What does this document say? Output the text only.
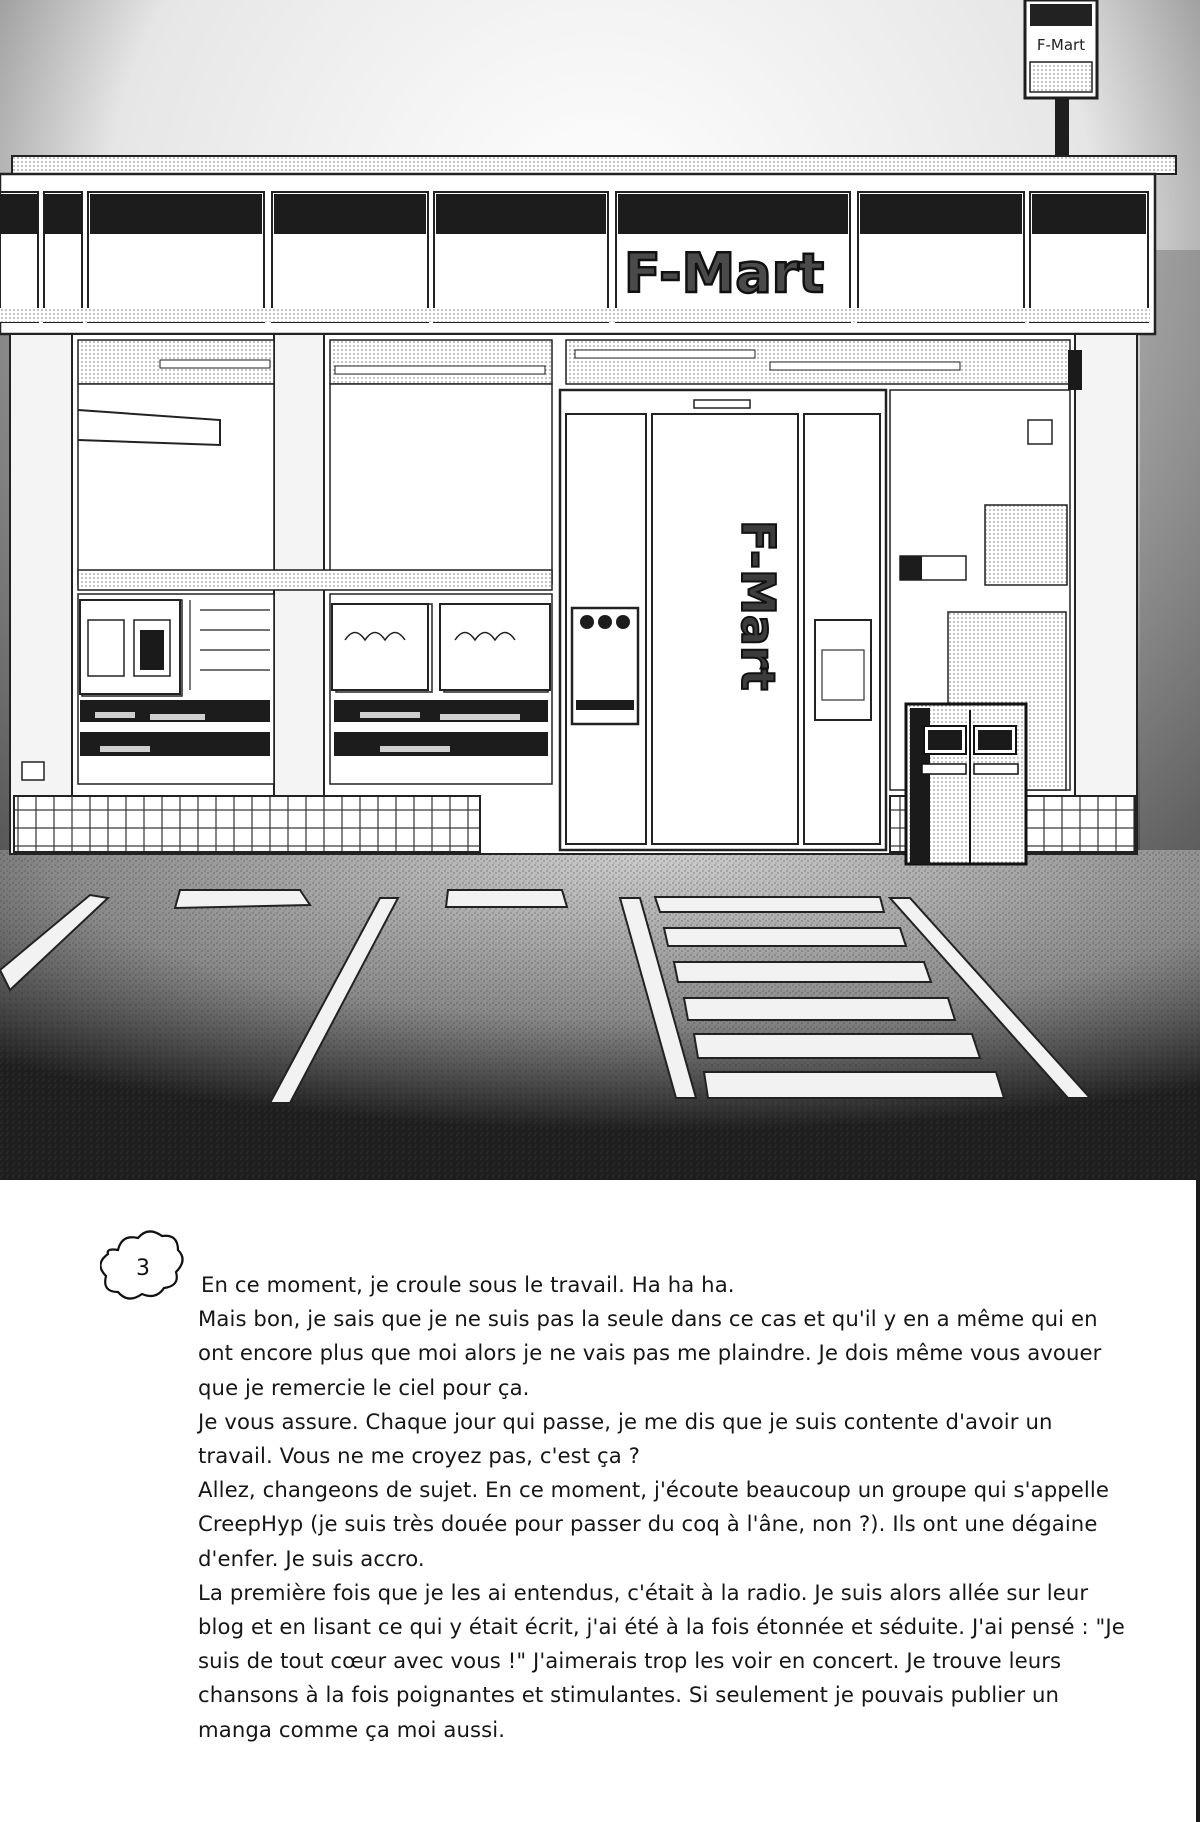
F-Mart
F-Mart
F-Mart
3

En ce moment, je croule sous le travail. Ha ha ha.

Mais bon, je sais que je ne suis pas la seule dans ce cas et qu'il y en a même qui en ont encore plus que moi alors je ne vais pas me plaindre. Je dois même vous avouer que je remercie le ciel pour ça.

Je vous assure. Chaque jour qui passe, je me dis que je suis contente d'avoir un travail. Vous ne me croyez pas, c'est ça ?

Allez, changeons de sujet. En ce moment, j'écoute beaucoup un groupe qui s'appelle CreepHyp (je suis très douée pour passer du coq à l'âne, non ?). Ils ont une dégaine d'enfer. Je suis accro.

La première fois que je les ai entendus, c'était à la radio. Je suis alors allée sur leur blog et en lisant ce qui y était écrit, j'ai été à la fois étonnée et séduite. J'ai pensé : "Je suis de tout cœur avec vous !" J'aimerais trop les voir en concert. Je trouve leurs chansons à la fois poignantes et stimulantes. Si seulement je pouvais publier un manga comme ça moi aussi.
